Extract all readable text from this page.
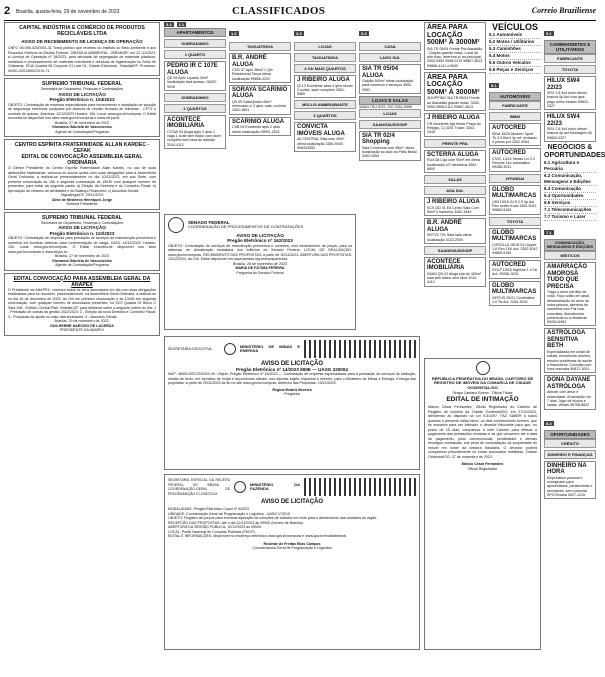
2 Brasília, quarta-feira, 29 de novembro de 2023	CLASSIFICADOS	Correio Braziliense
CAPITAL INDÚSTRIA E COMÉRCIO DE PRODUTOS RECICLÁVEIS LTDA
AVISO DE RECEBIMENTO DE LICENÇA DE OPERAÇÃO
CNPJ: 06.098.320/0001-31 Torna público que recebeu do Instituto do Meio Ambiente e dos Recursos Hídricos do Distrito Federal - BRASÍLIA AMBIENTAL - IBRAM/DF, em 22 /11/2023, a Licença de Operação nº 18/2023, para atividade de segregação de materiais plásticos, metálicos e processamento de materiais recicláveis e resíduos de higienização no Setor de Chácaras, SCIA Quadra 08 Conjunto 01 Lote 01, Cidade Estrutural - Brasília/DF. Processo: 00391-00013602/2019-71.
SUPREMO TRIBUNAL FEDERAL
Secretaria de Orçamento, Finanças e Contratações
AVISO DE LICITAÇÃO
Pregão Eletrônico n. 104/2023
OBJETO: Contratação de empresa especializada para fornecimento e instalação de solução de segurança eletrônica composta por sistema de circuito fechado de televisão - CFTV e controle de acesso. Abertura: 12/12/2023 Horário: 10h. Local: www.gov.br/compras. O Edital encontra-se disponível nos sites www.gov.br/compras e www.stf.jus.br.
Brasília, 27 de novembro de 2023
Giovanna Gabriela de Vasconcelos
Agente de Contratação/Pregoeira
CENTRO ESPÍRITA FRATERNIDADE ALLAN KARDEC - CEFAK
EDITAL DE CONVOCAÇÃO ASSEMBLEIA GERAL ORDINÁRIA
O Diretor Presidente do Centro Espírita Fraternidade Allan Kardec, no uso de suas atribuições estatutárias, convoca os sócios quites com suas obrigações para a Assembleia Geral Ordinária, a realizar-se presencialmente no dia 10/12/2023, em sua Sede, com primeira convocação às 15h e segunda convocação às 15h30 com qualquer número de presentes, para tratar da seguinte pauta: a) Eleição da Diretoria e do Conselho Fiscal; b) Aprovação do relatório de atividades e do Balanço Financeiro; c) Assuntos Gerais.
Taguatinga/DF, 29/11/2023
Aline de Medeiros Henriques Jorge
Diretora Presidente
SUPREMO TRIBUNAL FEDERAL
Secretaria de Orçamento, Finanças e Contratações
AVISO DE LICITAÇÃO
Pregão Eletrônico n. 110/2023
OBJETO: Contratação de empresa para prestação de serviços de manutenção preventiva e corretiva em bombas elétricas para movimentação de carga. DATA: 14/12/2023. Horário: 10h. Local: www.gov.br/compras. O Edital encontra-se disponível nos sites www.gov.br/compras e www.stf.jus.br.
Brasília, 27 de novembro de 2023
Giovanna Gabriela de Vasconcelos
Agente de Contratação/Pregoeira
EDITAL CONVOCAÇÃO PARA ASSEMBLEIA GERAL DA ANAPEX
O Presidente da ANAPEX, convoca todos os seus associados em dia com suas obrigações estatutárias para se reunirem, presencialmente, na Assembleia Geral Ordinária, a realizar-se no dia 16 de dezembro de 2023, às 10h em primeira convocação e às 10h30 em segunda convocação, com qualquer número de associados presentes, no SCS Quadra 02 Bloco C Sala 108 - Edifício Central Park, Brasília-DF, para deliberar sobre a seguinte ordem do dia: 1 - Prestação de contas da gestão 2022/2023; 2 - Eleição da nova Diretoria e Conselho Fiscal; 3 - Propostas de ajuste no valor das anuidades; 4 - Assuntos Gerais.
Brasília, 29 de novembro de 2023.
GUILHERME NARCISO DE LACERDA
PRESIDENTE DA ANAPEX
3.3	1.1
APARTAMENTOS
SOBRADINHO
1 QUARTO
PEDRO IR C 107E ALUGA
QD 09 Apto 1quarto 30m² localização fácil acesso. 98287-9016
SOBRADINHO
2 QUARTOS
ACONTECE IMOBILIÁRIA
CCSW 03 Aluga Apto 2 qtos 1 vaga 1 suíte sem fiador com lazer completo sem taxa de adesão 3244-4112
1.2
TAGUATINGA
B.R. ANDRÉ ALUGA
CSG 07 Apto 36m2 1 Qto Residencial Tonya ótima localização 99856-3222
SORAYA SCARINIO ALUGA
QS 05 Sala/Quarto 64m² reformado c/ 2 qtos, sala, cozinha 3351-4891
SCARINIO ALUGA
CSB 09 Excelente apto 2 qtos ótima localização 99991-2021
3.3
LOJAS
TAGUATINGA
4 OU MAIS QUARTOS
J RIBEIRO ALUGA
QI 13 Excelente casa 4 qtos sendo 2 suítes, lazer completo 3561-9889
MOLLI0 AMMIRABANTE
3 QUARTOS
CONVICTA IMÓVEIS ALUGA
AV CENTRAL Sala com 30m² ótima localização 3356-9000 996333552
3.3
CASA
LAGO SUL
SIA TR 05/04 ALUGA
Galpão 500m² ótima localização para comércio e serviços 3552-0953
LOJAS E SALAS
SAAN TSU SGS, SIG 3262-9996
LOJAS
SAAN/SIA/SIG/SIP
SIA TR 02/4 Shopping
Sala Comercial com 45m², ótima localização ao lado do Pátio Brasil 3262-0064
ÁREA PARA LOCAÇÃO 500M² À 3000M²
SIA TR 05/04 Frente Pra Atacadão - Galpão grande estac. Local de alto fluxo, abertura p/ via principal, 3262-0953 9998-0113 99867-3813 99866-4141 c/3640
ÁREA PARA LOCAÇÃO 500M² À 3000M²
SHOPPING SIA TR 05/04 Frente ao Atacadão grande estac. 3262-0953 9998-0113 99867-3813
J RIBEIRO ALUGA
CR excelente loja frente Praça do Relógio, Cj 3251 Tratar: 3262-3449
FRENTE PRA
SCTERRA ALUGA
RUA 08 Loja com 90m² em ótima localização c/2 banheiros 3561-8600
SALAS
ASA SUL
J RIBEIRO ALUGA
SCS QD 01 Ed Cedro Sala Com 50m² e banheiro 3262-3449
B.R. ANDRÉ ALUGA
SRTVS 701 Sala sala ótima localização 3322-2000
SAAN/SIA/SIG/SIP
ACONTECE IMOBILIÁRIA
SAAN QD 02 Aluga loja de 450m² sala sem fiador sem taxa 3244-4112
VEÍCULOS
5.1 Automóveis
5.2 Motos / Utilitários
5.3 Caminhões
5.4 Motos
5.5 Outros Veículos
5.6 Peças e Serviços
5.1
AUTOMÓVEIS
FABRICANTE
BMW
AUTOCRED
SINA 19/20 Modern Sport Tb 2.0 flex4 4p ref. revisado, 4 pneus por 3262-0954
AUTOCRED
CIVIC 13/14 Sedan Lxr 2.0 Flexone 16v automático 99286-3031
HYUNDAI
GLOBO MULTIMARCAS
135i 15/16 GLS 2.0 4p Aut Flex aceito troca 3262-5042 99869-5199
TOYOTA
GLOBO MULTIMARCAS
COROLLA 18/18 GLI Upper 1.8 Flex 16V Aut. 3262-5042 99869-5199
AUTOCRED
GOLF 19/19 Highline 1.4 Tsi Aut. 99286-3031
GLOBO MULTIMARCAS
VIRTUS 20/21 Comfortline 1.0 Tsi Aut. 3262-5042
5.1
CAMINHONETES E UTILITÁRIOS
FABRICANTE
TOYOTA
HILUX SW4 22/23
SRX 2.8 4x4 turbo diesel branca 4p Aut com ipva pago ótimo estado 99803-0327
HILUX SW4 22/23
SRX 2.8 4x4 turbo diesel branca 4p aut blindagem 3A 99803-0327
NEGÓCIOS & OPORTUNIDADES
6.1 Agricultura e Pecuária
6.2 Comunicação, Mensagens e Edições
6.3 Comunicação
6.4 Oportunidades
6.5 Serviços
7.1 Telecomunicações
7.7 Turismo e Lazer
7.1
COMUNICAÇÃO, MENSAGENS E EDIÇÕES
MÍSTICOS
AMARRAÇÃO AMOROSA TUDO QUE PRECISA
Trago o amor perdido de volta. Faço união de casal, desamarração do amor de outra pessoa, abertura de caminhos com Pai Ivan, consultas. Atendimento presencial ou a distância. 99254-6983
ASTRÓLOGA SENSITIVA BETH
Especializada em união de casais, encaminha amores, resolve problemas de saúde e financeiros. Consulta com hora marcada 99817-3001
DONA DAYANE ASTRÓLOGA
Atende com amor e sinceridade. Amarração em 7 dias. Jogo de búzios e cartas. Whats 99798-8822
8.4
OPORTUNIDADES
CRÉDITO
DINHEIRO E FINANÇAS
DINHEIRO NA HORA
Empréstimo pessoal e consignado para aposentados, pensionistas e servidores, sem consulta SPC/Serasa 3027-1215
SENADO FEDERAL
COORDENAÇÃO DE PROCEDIMENTOS DE CONTRATAÇÕES
AVISO DE LICITAÇÃO
Pregão Eletrônico nº 162/2023
OBJETO: Contratação de serviços de manutenção preventiva e corretiva, com fornecimento de peças, para os sistemas de climatização instalados nos edifícios do Senado Federal. LOCAL DE REALIZAÇÃO: www.gov.br/compras. RECEBIMENTO DAS PROPOSTAS: a partir de 30/11/2023. ABERTURA DAS PROPOSTAS: 13/12/2023, às 10h. Edital disponível em www.senado.leg.br/transparencia.
Brasília, 28 de novembro de 2023
MARIA DE FÁTIMA PEREIRA
Pregoeira do Senado Federal
SECRETARIA EXECUTIVA
MINISTÉRIO DE MINAS E ENERGIA
AVISO DE LICITAÇÃO
Pregão Eletrônico nº 14/2023 MME — UASG 320004
NUP: 48300.000720/2023-09. Objeto: Pregão Eletrônico nº 14/2023 — Contratação de empresa especializada para a prestação de serviços de tradução, versão de texto, em formatos de mídia e documentos oficiais, nos idiomas inglês, espanhol e francês, para o Ministério de Minas e Energia. Entrega das propostas: a partir de 29/11/2023 às 8h no site www.gov.br/compras. Abertura das Propostas: 13/12/2023.
Regina Beatriz Bezerra
Pregoeira
SECRETARIA ESPECIAL DA RECEITA FEDERAL DO BRASIL - COORDENAÇÃO-GERAL DE PROGRAMAÇÃO E LOGÍSTICA
MINISTÉRIO DA FAZENDA
AVISO DE LICITAÇÃO
MODALIDADE: Pregão Eletrônico Copol nº 6/2023
UNIDADE: Coordenação-Geral de Programação e Logística - UASG 170010
OBJETO: Registro de preços para eventual aquisição de soluções de trabalho em rede para o atendimento das unidades do órgão.
RECEPÇÃO DAS PROPOSTAS: até o dia 12/12/2023 às 09h00 (horário de Brasília).
ABERTURA DA SESSÃO PÚBLICA: 12/12/2023 às 09h00.
LOCAL: Portal Nacional de Compras Públicas (PNCP).
EDITAL E INFORMAÇÕES: disponível no endereço eletrônico www.gov.br/compras e www.gov.br/receitafederal
Rosimar de Freitas Elias Campos
Coordenadora-Geral de Programação e Logística
REPÚBLICA FEDERATIVA DO BRASIL CARTÓRIO DE REGISTRO DE IMÓVEIS DA COMARCA DE CIDADE OCIDENTAL/GO
Sérgio Caetano Bueno - Oficial Titular
EDITAL DE INTIMAÇÃO
Márcio César Fernandes, Oficial Registrador do Cartório de Registro de Imóveis da Cidade Ocidental/GO, em 27/11/2023, atendendo ao disposto na Lei 9.514/97, FAZ SABER a todos quantos o presente edital virem, ou dele conhecimento tiverem, que se encontra para ser intimado o devedor fiduciante para que, no prazo de 15 dias, compareça a este Cartório para efetuar o pagamento das prestações vencidas e as que vencerem até a data do pagamento, juros convencionais, penalidades e demais encargos contratuais, sob pena de consolidação da propriedade do imóvel em nome da credora fiduciária. O devedor poderá comparecer pessoalmente ou enviar procurador habilitado. Cidade Ocidental/GO, 27 de novembro de 2023.
Márcio César Fernandes
Oficial Registrador
